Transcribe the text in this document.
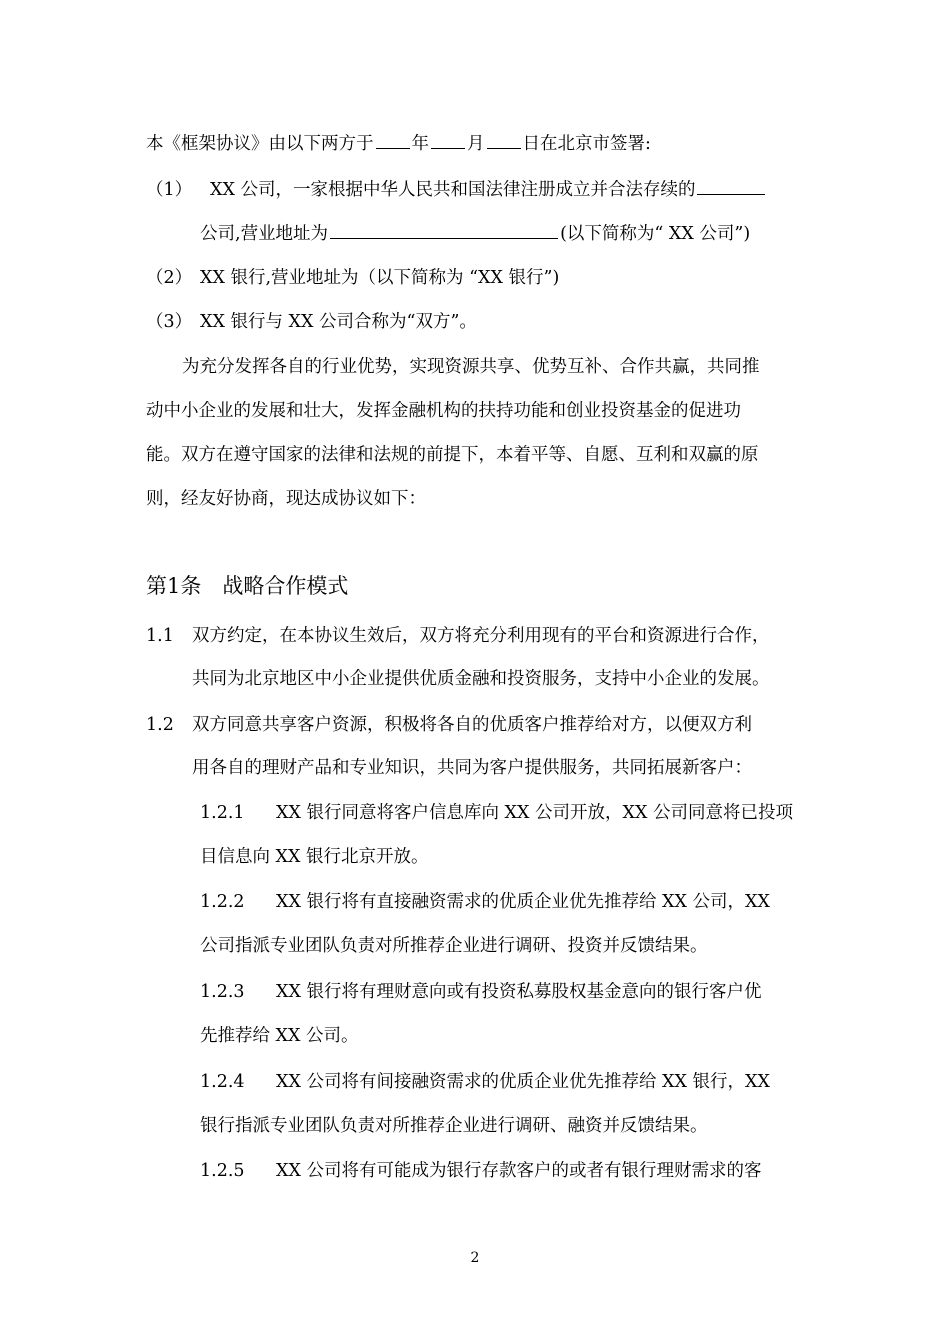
本《框架协议》由以下两方于 年 月 日在北京市签署:
（1） XX 公司，一家根据中华人民共和国法律注册成立并合法存续的
公司,营业地址为	(以下简称为“ XX 公司”)
（2） XX 银行,营业地址为（以下简称为 “XX 银行”)
（3） XX 银行与 XX 公司合称为“双方”。
为充分发挥各自的行业优势，实现资源共享、优势互补、合作共赢，共同推
动中小企业的发展和壮大，发挥金融机构的扶持功能和创业投资基金的促进功
能。双方在遵守国家的法律和法规的前提下，本着平等、自愿、互利和双赢的原
则，经友好协商，现达成协议如下：
第1条　战略合作模式
1.1 双方约定，在本协议生效后，双方将充分利用现有的平台和资源进行合作，
共同为北京地区中小企业提供优质金融和投资服务，支持中小企业的发展。
1.2 双方同意共享客户资源，积极将各自的优质客户推荐给对方，以便双方利
用各自的理财产品和专业知识，共同为客户提供服务，共同拓展新客户：
1.2.1 XX 银行同意将客户信息库向 XX 公司开放，XX 公司同意将已投项
目信息向 XX 银行北京开放。
1.2.2 XX 银行将有直接融资需求的优质企业优先推荐给 XX 公司，XX
公司指派专业团队负责对所推荐企业进行调研、投资并反馈结果。
1.2.3 XX 银行将有理财意向或有投资私募股权基金意向的银行客户优
先推荐给 XX 公司。
1.2.4 XX 公司将有间接融资需求的优质企业优先推荐给 XX 银行，XX
银行指派专业团队负责对所推荐企业进行调研、融资并反馈结果。
1.2.5 XX 公司将有可能成为银行存款客户的或者有银行理财需求的客
2
